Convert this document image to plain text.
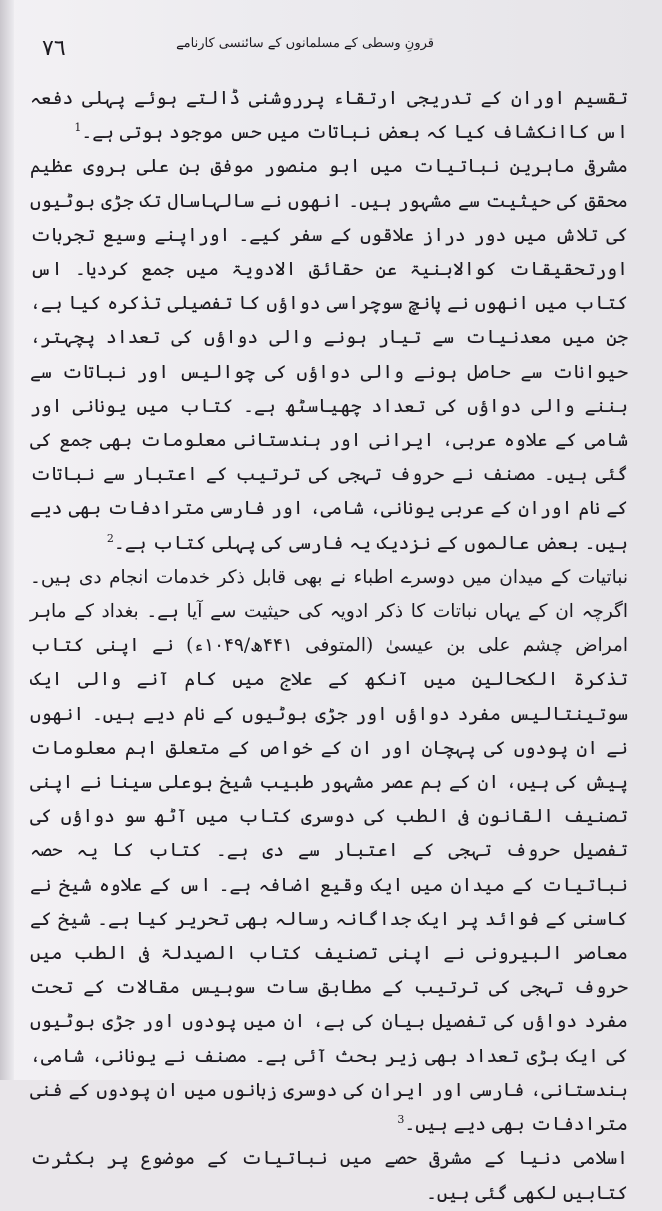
قرونِ وسطی کے مسلمانوں کے سائنسی کارنامے
۷٦

تقسیم اوران کے تدریجی ارتقاء پرروشنی ڈالتے ہوئے پہلی دفعہ اس کاانکشاف کیا کہ بعض نباتات میں حس موجود ہوتی ہے۔$^1$

مشرقی ماہرین نباتیات میں ابو منصور موفق بن علی ہروی عظیم محقق کی حیثیت سے مشہور ہیں۔ انھوں نے سالہاسال تک جڑی بوٹیوں کی تلاش میں دور دراز علاقوں کے سفر کیے۔ اوراپنے وسیع تجربات اورتحقیقات کوالابنیۃ عن حقائق الادویۃ میں جمع کردیا۔ اس کتاب میں انھوں نے پانچ سوچراسی دواؤں کا تفصیلی تذکرہ کیا ہے، جن میں معدنیات سے تیار ہونے والی دواؤں کی تعداد پچہتر، حیوانات سے حاصل ہونے والی دواؤں کی چوالیس اور نباتات سے بننے والی دواؤں کی تعداد چھیاسٹھ ہے۔ کتاب میں یونانی اور شامی کے علاوہ عربی، ایرانی اور ہندستانی معلومات بھی جمع کی گئی ہیں۔ مصنف نے حروف تہجی کی ترتیب کے اعتبار سے نباتات کے نام اوران کے عربی یونانی، شامی، اور فارسی مترادفات بھی دیے ہیں۔ بعض عالموں کے نزدیک یہ فارسی کی پہلی کتاب ہے۔$^2$

نباتیات کے میدان میں دوسرے اطباء نے بھی قابل ذکر خدمات انجام دی ہیں۔ اگرچہ ان کے یہاں نباتات کا ذکر ادویہ کی حیثیت سے آیا ہے۔ بغداد کے ماہر امراض چشم علی بن عیسیٰ (المتوفی ۴۴۱ھ/۱۰۴۹ء) نے اپنی کتاب تذکرۃ الکحالین میں آنکھ کے علاج میں کام آنے والی ایک سوتینتالیس مفرد دواؤں اور جڑی بوٹیوں کے نام دیے ہیں۔ انھوں نے ان پودوں کی پہچان اور ان کے خواص کے متعلق اہم معلومات پیش کی ہیں، ان کے ہم عصر مشہور طبیب شیخ بوعلی سینا نے اپنی تصنیف القانون فی الطب کی دوسری کتاب میں آٹھ سو دواؤں کی تفصیل حروف تہجی کے اعتبار سے دی ہے۔ کتاب کا یہ حصہ نباتیات کے میدان میں ایک وقیع اضافہ ہے۔ اس کے علاوہ شیخ نے کاسنی کے فوائد پر ایک جداگانہ رسالہ بھی تحریر کیا ہے۔ شیخ کے معاصر البیرونی نے اپنی تصنیف کتاب الصیدلۃ فی الطب میں حروف تہجی کی ترتیب کے مطابق سات سوبیس مقالات کے تحت مفرد دواؤں کی تفصیل بیان کی ہے، ان میں پودوں اور جڑی بوٹیوں کی ایک بڑی تعداد بھی زیر بحث آئی ہے۔ مصنف نے یونانی، شامی، ہندستانی، فارسی اور ایران کی دوسری زبانوں میں ان پودوں کے فنی مترادفات بھی دیے ہیں۔$^3$

اسلامی دنیا کے مشرقی حصے میں نباتیات کے موضوع پر بکثرت کتابیں لکھی گئی ہیں۔
